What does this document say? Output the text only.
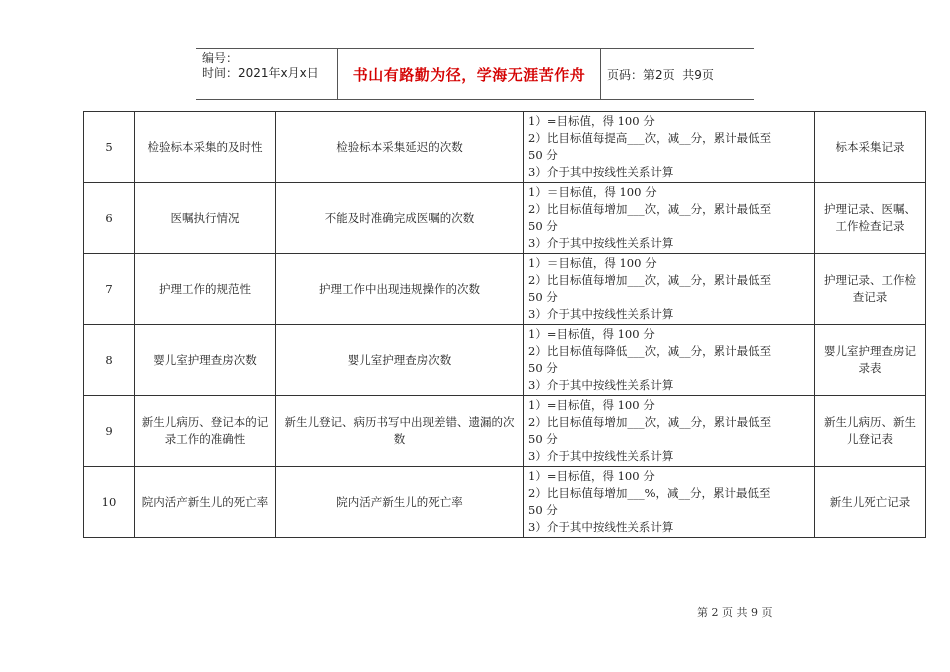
编号：
时间：2021年x月x日	书山有路勤为径，学海无涯苦作舟	页码：第2页  共9页
5	检验标本采集的及时性	检验标本采集延迟的次数	1）=目标值，得 100 分
2）比目标值每提高___次，减__分，累计最低至
50 分
3）介于其中按线性关系计算	标本采集记录
6	医嘱执行情况	不能及时准确完成医嘱的次数	1）＝目标值，得 100 分
2）比目标值每增加___次，减__分，累计最低至
50 分
3）介于其中按线性关系计算	护理记录、医嘱、工作检查记录
7	护理工作的规范性	护理工作中出现违规操作的次数	1）＝目标值，得 100 分
2）比目标值每增加___次，减__分，累计最低至
50 分
3）介于其中按线性关系计算	护理记录、工作检查记录
8	婴儿室护理查房次数	婴儿室护理查房次数	1）=目标值，得 100 分
2）比目标值每降低___次，减__分，累计最低至
50 分
3）介于其中按线性关系计算	婴儿室护理查房记录表
9	新生儿病历、登记本的记录工作的准确性	新生儿登记、病历书写中出现差错、遗漏的次数	1）=目标值，得 100 分
2）比目标值每增加___次，减__分，累计最低至
50 分
3）介于其中按线性关系计算	新生儿病历、新生儿登记表
10	院内活产新生儿的死亡率	院内活产新生儿的死亡率	1）=目标值，得 100 分
2）比目标值每增加___%，减__分，累计最低至
50 分
3）介于其中按线性关系计算	新生儿死亡记录
第 2 页 共 9 页
